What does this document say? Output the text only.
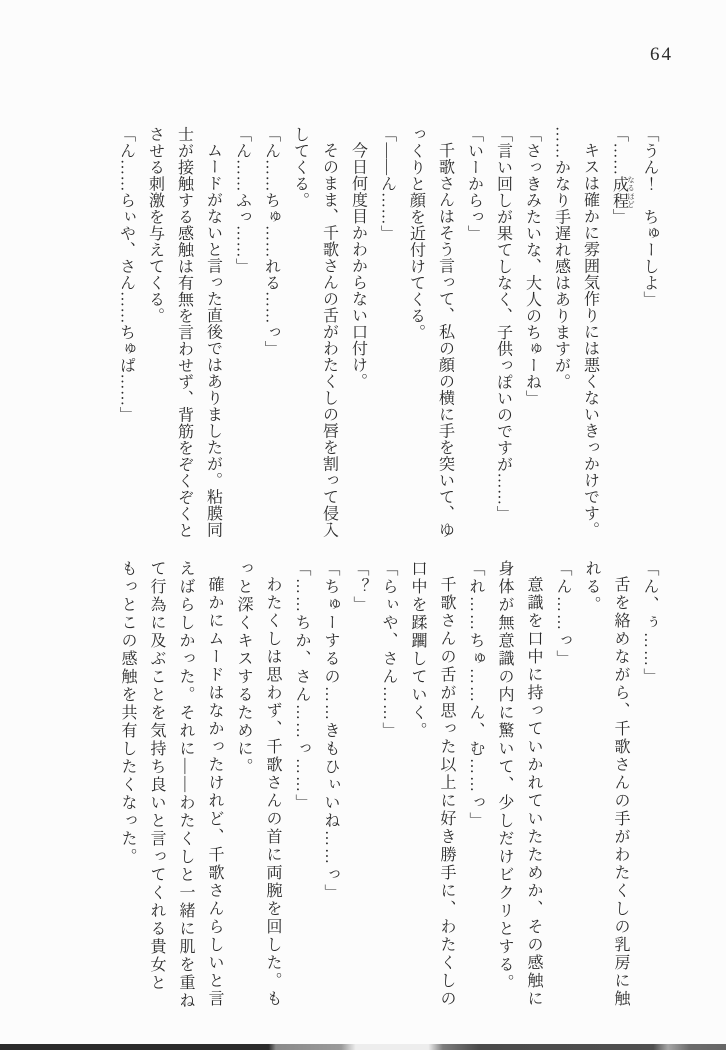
64
「うん！　ちゅーしよ」
「……成程 なるほど」
キスは確かに雰囲気作りには悪くないきっかけです。
……かなり手遅れ感はありますが。
「さっきみたいな、大人のちゅーね」
「言い回しが果てしなく、子供っぽいのですが……」
「いーからっ」
千歌さんはそう言って、私の顔の横に手を突いて、ゆ
っくりと顔を近付けてくる。
「――ん……」
今日何度目かわからない口付け。
そのまま、千歌さんの舌がわたくしの唇を割って侵入
してくる。
「ん……ちゅ……れる……っ」
「ん……ふっ……」
ムードがないと言った直後ではありましたが。粘膜同
士が接触する感触は有無を言わせず、背筋をぞくぞくと
させる刺激を与えてくる。
「ん……らぃや、さん……ちゅぱ……」
「ん、ぅ……」
舌を絡めながら、千歌さんの手がわたくしの乳房に触
れる。
「ん……っ」
意識を口中に持っていかれていたためか、その感触に
身体が無意識の内に驚いて、少しだけビクリとする。
「れ……ちゅ……ん、む……っ」
千歌さんの舌が思った以上に好き勝手に、わたくしの
口中を蹂躙していく。
「らぃや、さん……」
「？」
「ちゅーするの……きもひぃいね……っ」
「……ちか、さん……っ……」
わたくしは思わず、千歌さんの首に両腕を回した。も
っと深くキスするために。
確かにムードはなかったけれど、千歌さんらしいと言
えばらしかった。それに――わたくしと一緒に肌を重ね
て行為に及ぶことを気持ち良いと言ってくれる貴女と
もっとこの感触を共有したくなった。
